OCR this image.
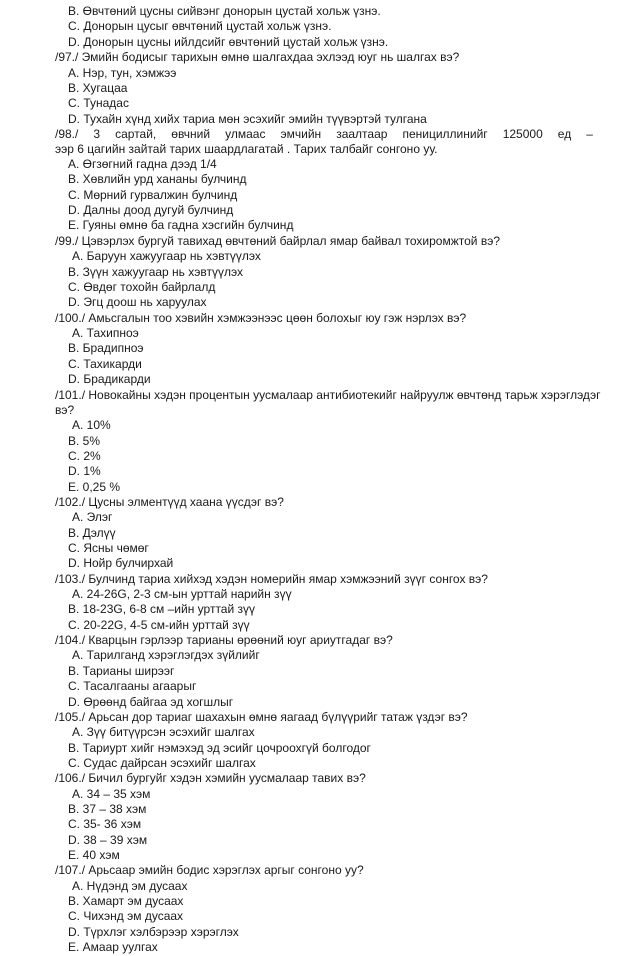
B. Өвчтөний цусны сийвэнг донорын цустай хольж үзнэ.
C. Донорын цусыг өвчтөний цустай хольж үзнэ.
D. Донорын цусны ийлдсийг өвчтөний цустай хольж үзнэ.
/97./ Эмийн бодисыг тарихын өмнө шалгахдаа эхлээд юуг нь шалгах вэ?
A. Нэр, тун, хэмжээ
B. Хугацаа
C. Тунадас
D. Тухайн хүнд хийх тариа мөн эсэхийг эмийн түүвэртэй тулгана
ээр 6 цагийн зайтай тарих шаардлагатай . Тарих талбайг сонгоно уу.
A. Өгзөгний гадна дээд 1/4
B. Хөвлийн урд хананы булчинд
C. Мөрний гурвалжин булчинд
D. Далны доод дугуй булчинд
E. Гуяны өмнө ба гадна хэсгийн булчинд
/99./ Цэвэрлэх бургуй тавихад өвчтөний байрлал ямар байвал тохиромжтой вэ?
A. Баруун хажуугаар нь хэвтүүлэх
B. Зүүн хажуугаар нь хэвтүүлэх
C. Өвдөг тохойн байрлалд
D. Эгц доош нь харуулах
/100./ Амьсгалын тоо хэвийн хэмжээнээс цөөн болохыг юу гэж нэрлэх вэ?
A. Тахипноэ
B. Брадипноэ
C. Тахикарди
D. Брадикарди
/101./ Новокайны хэдэн процентын уусмалаар антибиотекийг найруулж өвчтөнд тарьж хэрэглэдэг
вэ?
A. 10%
B. 5%
C. 2%
D. 1%
E. 0,25 %
/102./ Цусны элментүүд хаана үүсдэг вэ?
A. Элэг
B. Дэлүү
C. Ясны чөмөг
D. Нойр булчирхай
/103./ Булчинд тариа хийхэд хэдэн номерийн ямар хэмжээний зүүг сонгох вэ?
A. 24-26G, 2-3 см-ын урттай нарийн зүү
B. 18-23G, 6-8 см –ийн урттай зүү
C. 20-22G, 4-5 см-ийн урттай зүү
/104./ Кварцын гэрлээр тарианы өрөөний юуг ариутгадаг вэ?
A. Тарилганд хэрэглэгдэх зүйлийг
B. Тарианы ширээг
C. Тасалгааны агаарыг
D. Өрөөнд байгаа эд хогшлыг
/105./ Арьсан дор тариаг шахахын өмнө яагаад бүлүүрийг татаж үздэг вэ?
A. Зүү битүүрсэн эсэхийг шалгах
B. Тариурт хийг нэмэхэд эд эсийг цочроохгүй болгодог
C. Судас дайрсан эсэхийг шалгах
/106./ Бичил бургуйг хэдэн хэмийн уусмалаар тавих вэ?
A. 34 – 35 хэм
B. 37 – 38 хэм
C. 35- 36 хэм
D. 38 – 39 хэм
E. 40 хэм
/107./ Арьсаар эмийн бодис хэрэглэх аргыг сонгоно уу?
A. Нүдэнд эм дусаах
B. Хамарт эм дусаах
C. Чихэнд эм дусаах
D. Түрхлэг хэлбэрээр хэрэглэх
E. Амаар уулгах
/98./ 3 сартай, өвчний улмаас эмчийн заалтаар пенициллинийг 125000 ед –
